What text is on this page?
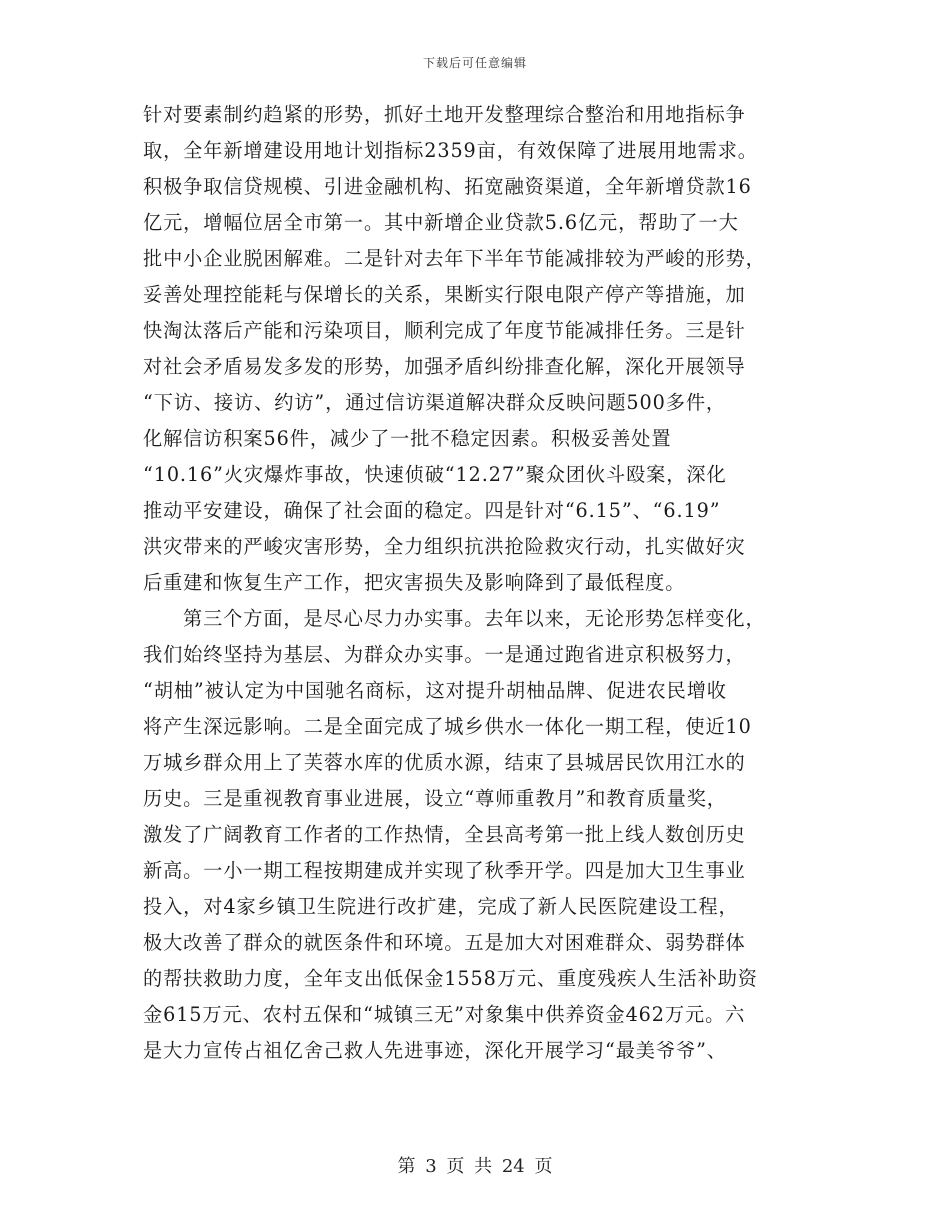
下载后可任意编辑
针对要素制约趋紧的形势，抓好土地开发整理综合整治和用地指标争
取，全年新增建设用地计划指标2359亩，有效保障了进展用地需求。
积极争取信贷规模、引进金融机构、拓宽融资渠道，全年新增贷款16
亿元，增幅位居全市第一。其中新增企业贷款5.6亿元，帮助了一大
批中小企业脱困解难。二是针对去年下半年节能减排较为严峻的形势，
妥善处理控能耗与保增长的关系，果断实行限电限产停产等措施，加
快淘汰落后产能和污染项目，顺利完成了年度节能减排任务。三是针
对社会矛盾易发多发的形势，加强矛盾纠纷排查化解，深化开展领导
“下访、接访、约访”，通过信访渠道解决群众反映问题500多件，
化解信访积案56件，减少了一批不稳定因素。积极妥善处置
“10.16”火灾爆炸事故，快速侦破“12.27”聚众团伙斗殴案，深化
推动平安建设，确保了社会面的稳定。四是针对“6.15”、“6.19”
洪灾带来的严峻灾害形势，全力组织抗洪抢险救灾行动，扎实做好灾
后重建和恢复生产工作，把灾害损失及影响降到了最低程度。
第三个方面，是尽心尽力办实事。去年以来，无论形势怎样变化，
我们始终坚持为基层、为群众办实事。一是通过跑省进京积极努力，
“胡柚”被认定为中国驰名商标，这对提升胡柚品牌、促进农民增收
将产生深远影响。二是全面完成了城乡供水一体化一期工程，使近10
万城乡群众用上了芙蓉水库的优质水源，结束了县城居民饮用江水的
历史。三是重视教育事业进展，设立“尊师重教月”和教育质量奖，
激发了广阔教育工作者的工作热情，全县高考第一批上线人数创历史
新高。一小一期工程按期建成并实现了秋季开学。四是加大卫生事业
投入，对4家乡镇卫生院进行改扩建，完成了新人民医院建设工程，
极大改善了群众的就医条件和环境。五是加大对困难群众、弱势群体
的帮扶救助力度，全年支出低保金1558万元、重度残疾人生活补助资
金615万元、农村五保和“城镇三无”对象集中供养资金462万元。六
是大力宣传占祖亿舍己救人先进事迹，深化开展学习“最美爷爷”、
第 3 页 共 24 页
